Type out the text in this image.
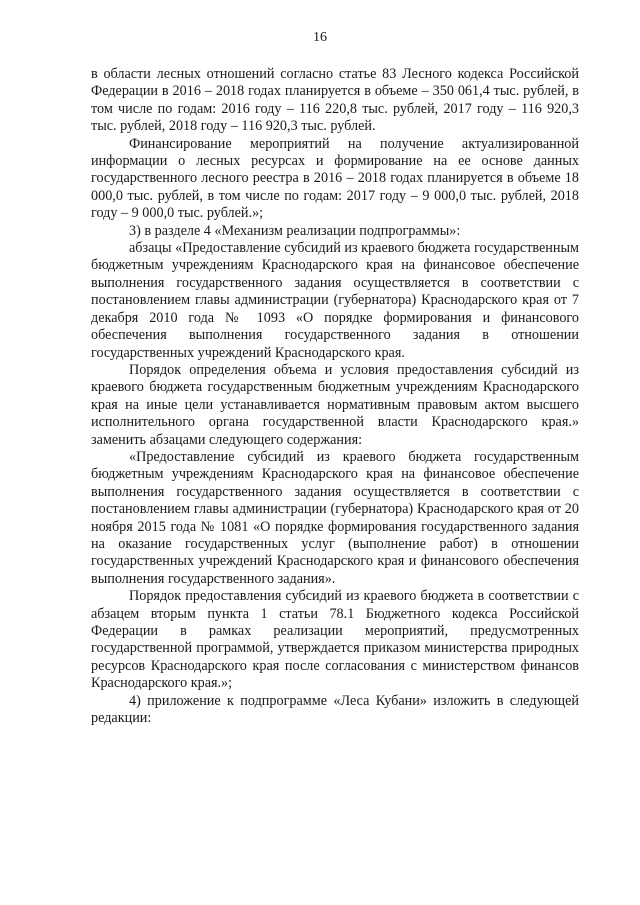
16

в области лесных отношений согласно статье 83 Лесного кодекса Российской Федерации в 2016 – 2018 годах планируется в объеме – 350 061,4 тыс. рублей, в том числе по годам: 2016 году – 116 220,8 тыс. рублей, 2017 году – 116 920,3 тыс. рублей, 2018 году – 116 920,3 тыс. рублей.

Финансирование мероприятий на получение актуализированной информации о лесных ресурсах и формирование на ее основе данных государственного лесного реестра в 2016 – 2018 годах планируется в объеме 18 000,0 тыс. рублей, в том числе по годам: 2017 году – 9 000,0 тыс. рублей, 2018 году – 9 000,0 тыс. рублей.»;

3) в разделе 4 «Механизм реализации подпрограммы»:

абзацы «Предоставление субсидий из краевого бюджета государственным бюджетным учреждениям Краснодарского края на финансовое обеспечение выполнения государственного задания осуществляется в соответствии с постановлением главы администрации (губернатора) Краснодарского края от 7 декабря 2010 года № 1093 «О порядке формирования и финансового обеспечения выполнения государственного задания в отношении государственных учреждений Краснодарского края.

Порядок определения объема и условия предоставления субсидий из краевого бюджета государственным бюджетным учреждениям Краснодарского края на иные цели устанавливается нормативным правовым актом высшего исполнительного органа государственной власти Краснодарского края.» заменить абзацами следующего содержания:

«Предоставление субсидий из краевого бюджета государственным бюджетным учреждениям Краснодарского края на финансовое обеспечение выполнения государственного задания осуществляется в соответствии с постановлением главы администрации (губернатора) Краснодарского края от 20 ноября 2015 года № 1081 «О порядке формирования государственного задания на оказание государственных услуг (выполнение работ) в отношении государственных учреждений Краснодарского края и финансового обеспечения выполнения государственного задания».

Порядок предоставления субсидий из краевого бюджета в соответствии с абзацем вторым пункта 1 статьи 78.1 Бюджетного кодекса Российской Федерации в рамках реализации мероприятий, предусмотренных государственной программой, утверждается приказом министерства природных ресурсов Краснодарского края после согласования с министерством финансов Краснодарского края.»;

4) приложение к подпрограмме «Леса Кубани» изложить в следующей редакции:
